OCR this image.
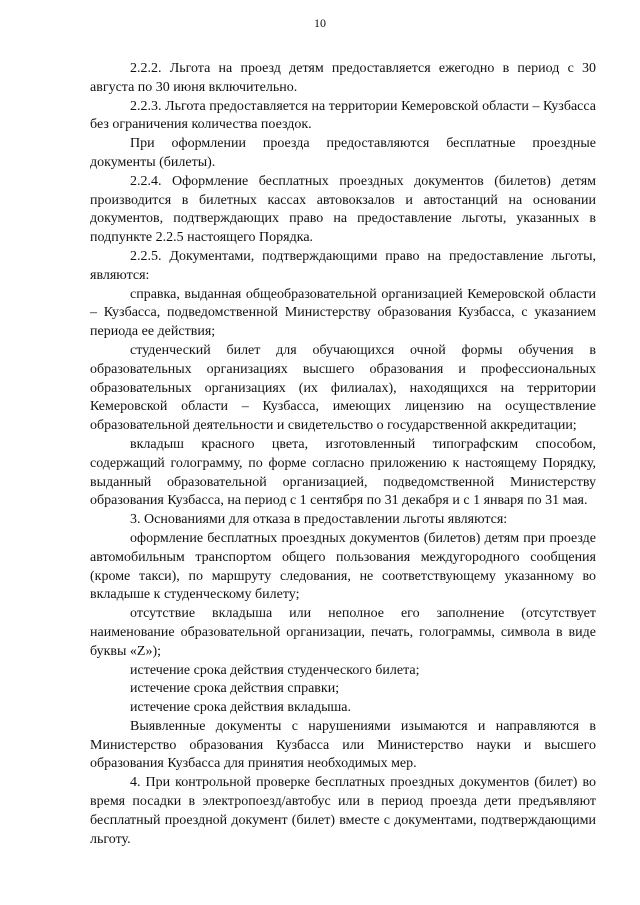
10

2.2.2. Льгота на проезд детям предоставляется ежегодно в период с 30 августа по 30 июня включительно.

2.2.3. Льгота предоставляется на территории Кемеровской области – Кузбасса без ограничения количества поездок.

При оформлении проезда предоставляются бесплатные проездные документы (билеты).

2.2.4. Оформление бесплатных проездных документов (билетов) детям производится в билетных кассах автовокзалов и автостанций на основании документов, подтверждающих право на предоставление льготы, указанных в подпункте 2.2.5 настоящего Порядка.

2.2.5. Документами, подтверждающими право на предоставление льготы, являются:

справка, выданная общеобразовательной организацией Кемеровской области – Кузбасса, подведомственной Министерству образования Кузбасса, с указанием периода ее действия;

студенческий билет для обучающихся очной формы обучения в образовательных организациях высшего образования и профессиональных образовательных организациях (их филиалах), находящихся на территории Кемеровской области – Кузбасса, имеющих лицензию на осуществление образовательной деятельности и свидетельство о государственной аккредитации;

вкладыш красного цвета, изготовленный типографским способом, содержащий голограмму, по форме согласно приложению к настоящему Порядку, выданный образовательной организацией, подведомственной Министерству образования Кузбасса, на период с 1 сентября по 31 декабря и с 1 января по 31 мая.

3. Основаниями для отказа в предоставлении льготы являются:

оформление бесплатных проездных документов (билетов) детям при проезде автомобильным транспортом общего пользования междугородного сообщения (кроме такси), по маршруту следования, не соответствующему указанному во вкладыше к студенческому билету;

отсутствие вкладыша или неполное его заполнение (отсутствует наименование образовательной организации, печать, голограммы, символа в виде буквы «Z»);

истечение срока действия студенческого билета;

истечение срока действия справки;

истечение срока действия вкладыша.

Выявленные документы с нарушениями изымаются и направляются в Министерство образования Кузбасса или Министерство науки и высшего образования Кузбасса для принятия необходимых мер.

4. При контрольной проверке бесплатных проездных документов (билет) во время посадки в электропоезд/автобус или в период проезда дети предъявляют бесплатный проездной документ (билет) вместе с документами, подтверждающими льготу.
